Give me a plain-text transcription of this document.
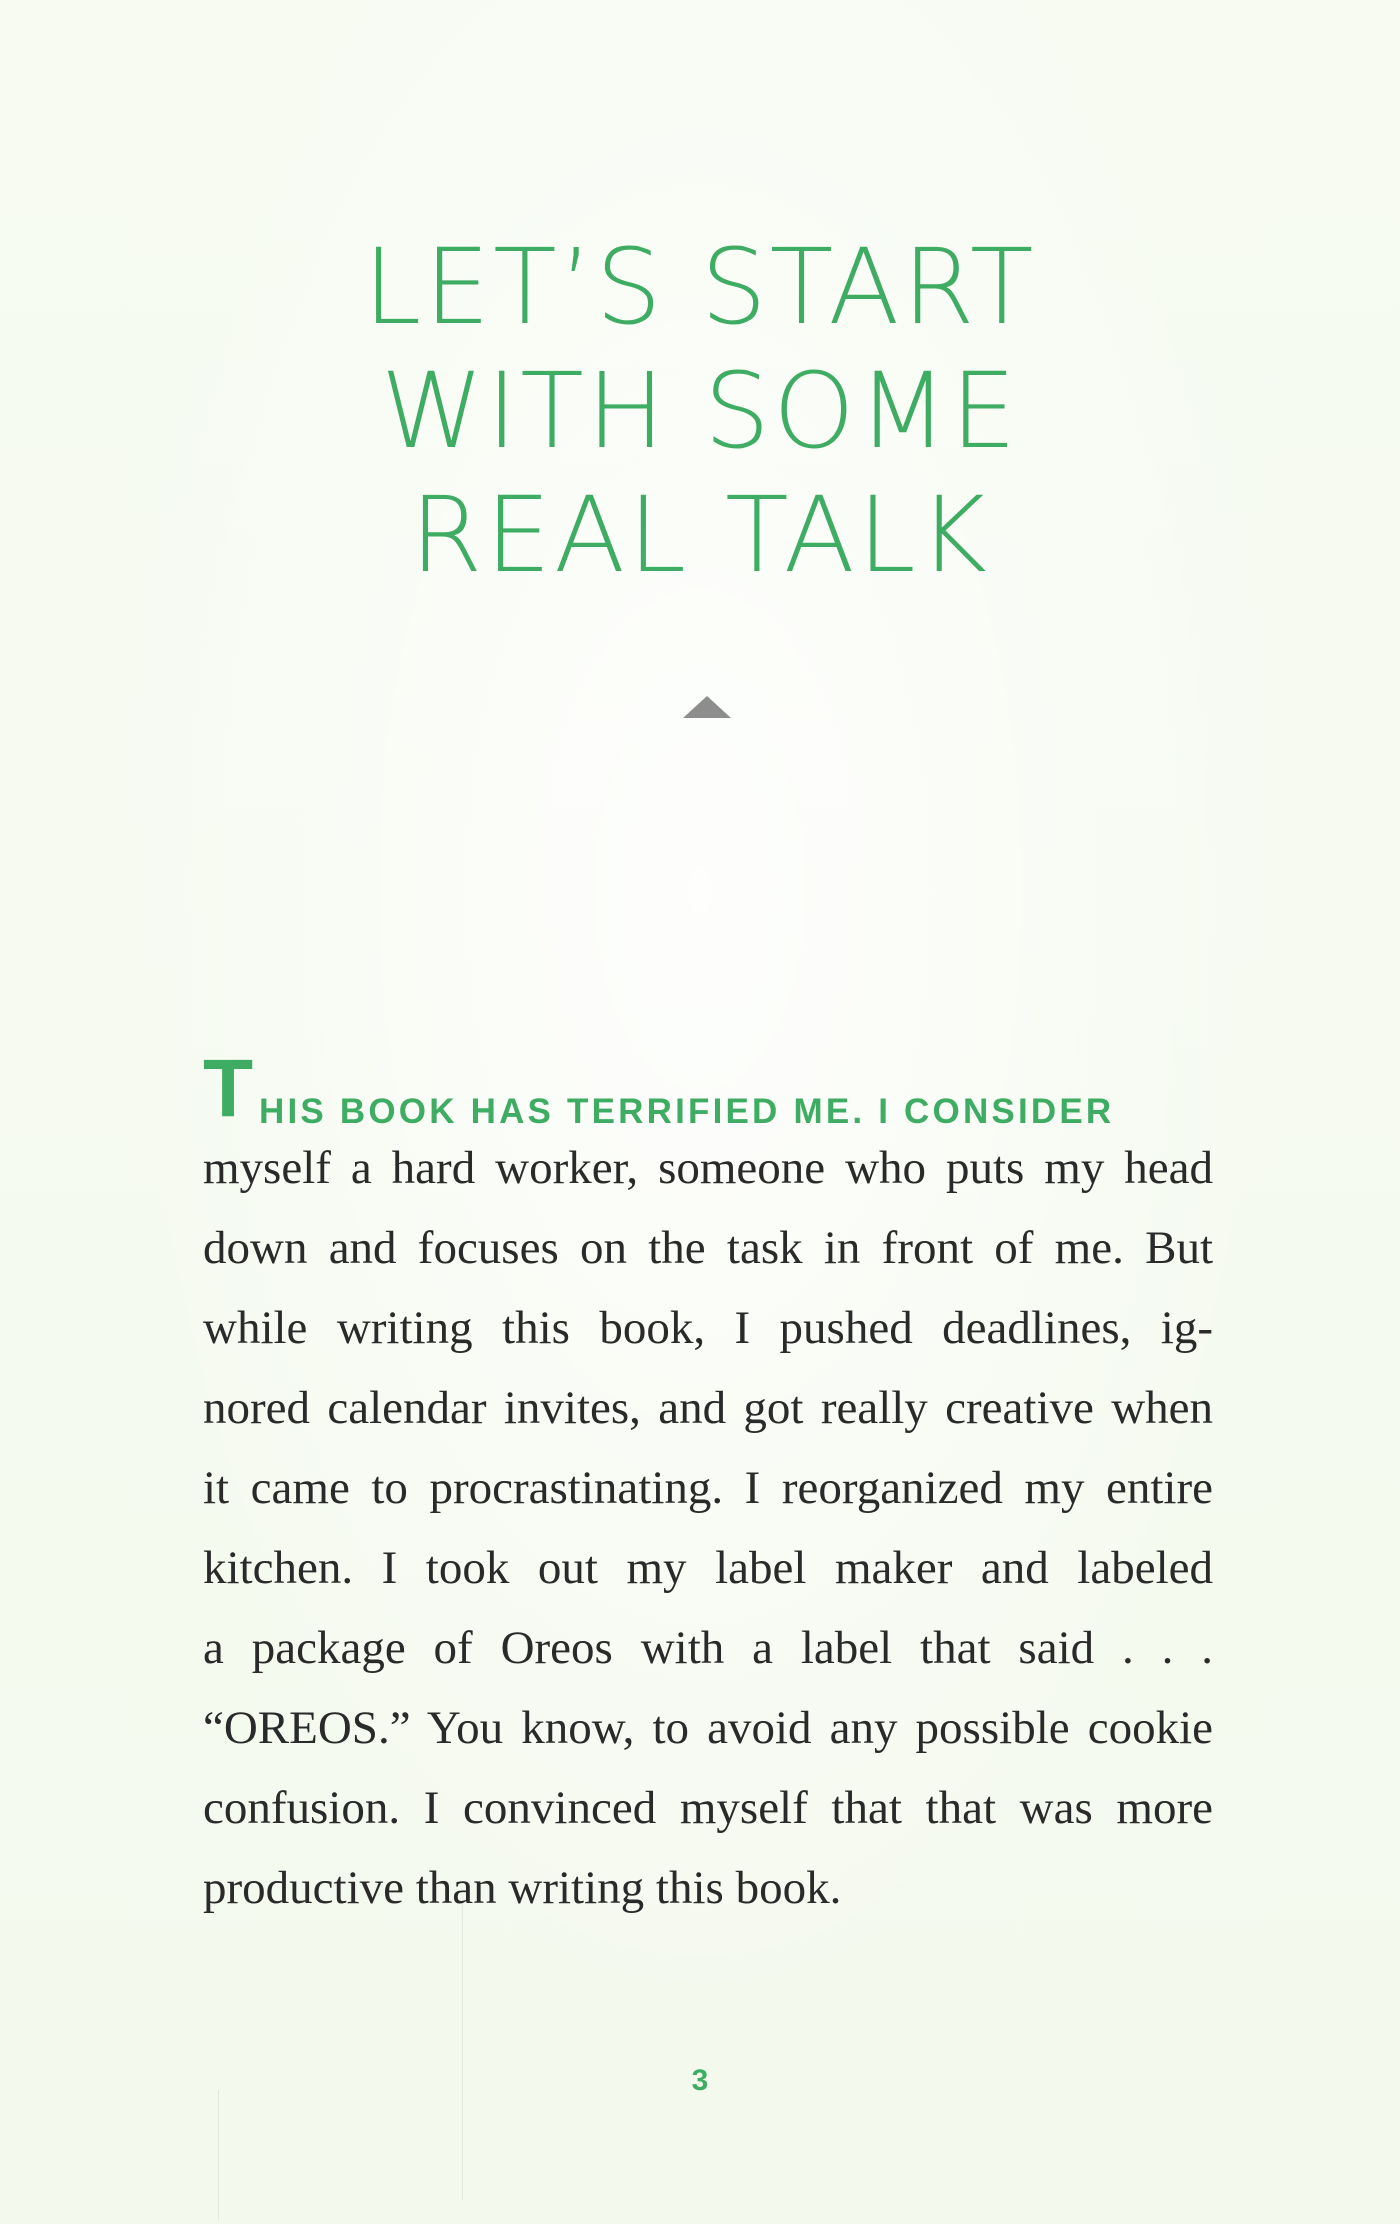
LET’S START
WITH SOME
REAL TALK
T HIS BOOK HAS TERRIFIED ME. I CONSIDER
myself a hard worker, someone who puts my head
down and focuses on the task in front of me. But
while writing this book, I pushed deadlines, ig-
nored calendar invites, and got really creative when
it came to procrastinating. I reorganized my entire
kitchen. I took out my label maker and labeled
a package of Oreos with a label that said . . .
“OREOS.” You know, to avoid any possible cookie
confusion. I convinced myself that that was more
productive than writing this book.
3
